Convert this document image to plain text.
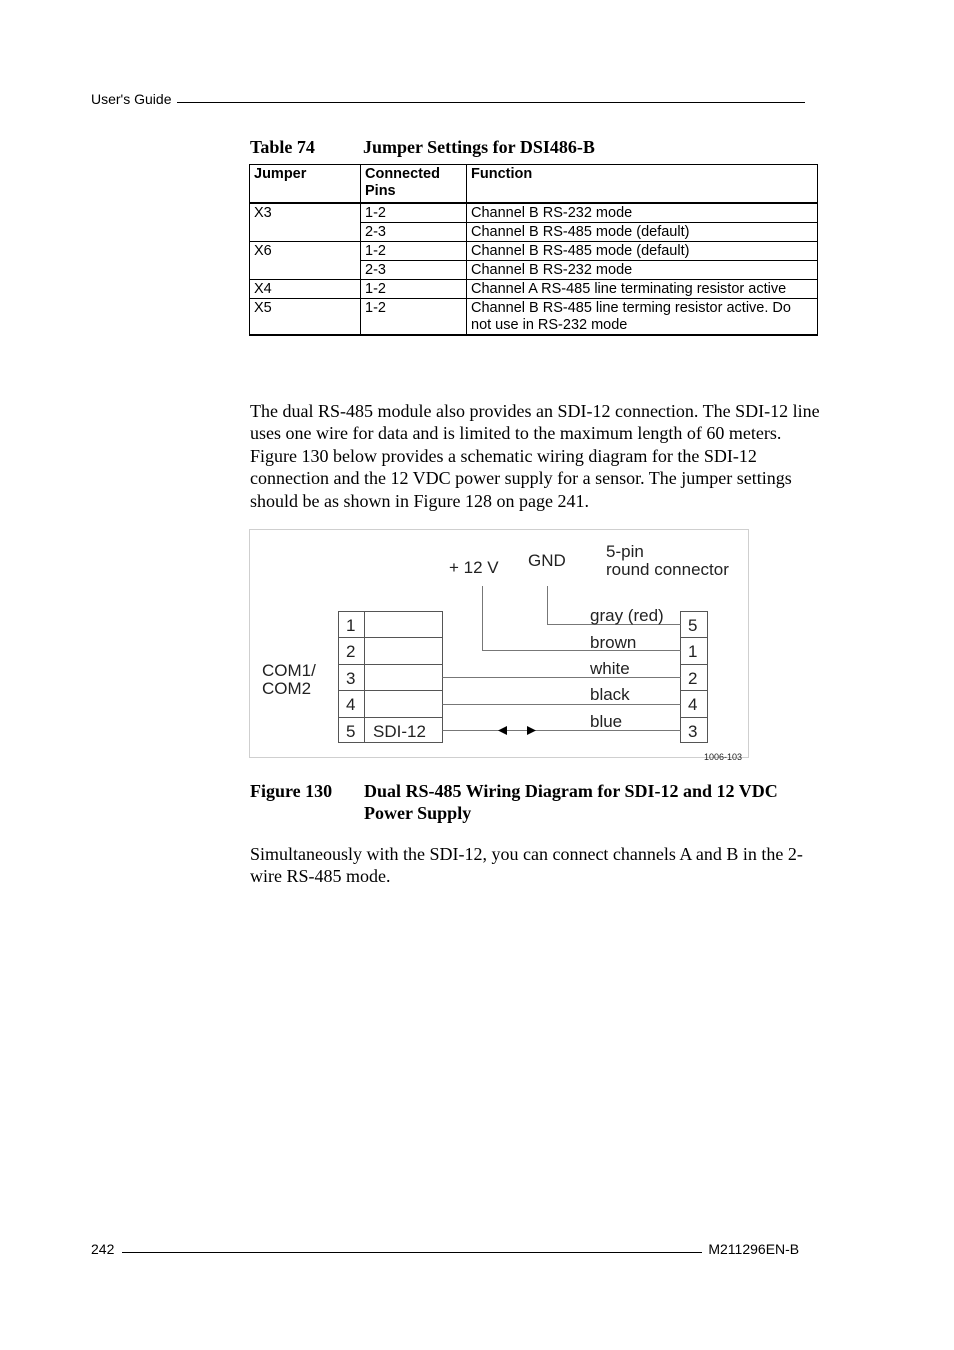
User's Guide
Table 74	Jumper Settings for DSI486-B
Jumper	Connected Pins	Function
X3	1-2	Channel B RS-232 mode
	2-3	Channel B RS-485 mode (default)
X6	1-2	Channel B RS-485 mode (default)
	2-3	Channel B RS-232 mode
X4	1-2	Channel A RS-485 line terminating resistor active
X5	1-2	Channel B RS-485 line terming resistor active. Do not use in RS-232 mode

The dual RS-485 module also provides an SDI-12 connection. The SDI-12 line uses one wire for data and is limited to the maximum length of 60 meters. Figure 130 below provides a schematic wiring diagram for the SDI-12 connection and the 12 VDC power supply for a sensor. The jumper settings should be as shown in Figure 128 on page 241.

+ 12 V GND 5-pin
round connector
COM1/
COM2
1
2
3
4
5 SDI-12
gray (red)
brown
white
black
blue
5
1
2
4
3
1006-103
Figure 130 Dual RS-485 Wiring Diagram for SDI-12 and 12 VDC Power Supply

Simultaneously with the SDI-12, you can connect channels A and B in the 2-wire RS-485 mode.

242	M211296EN-B
